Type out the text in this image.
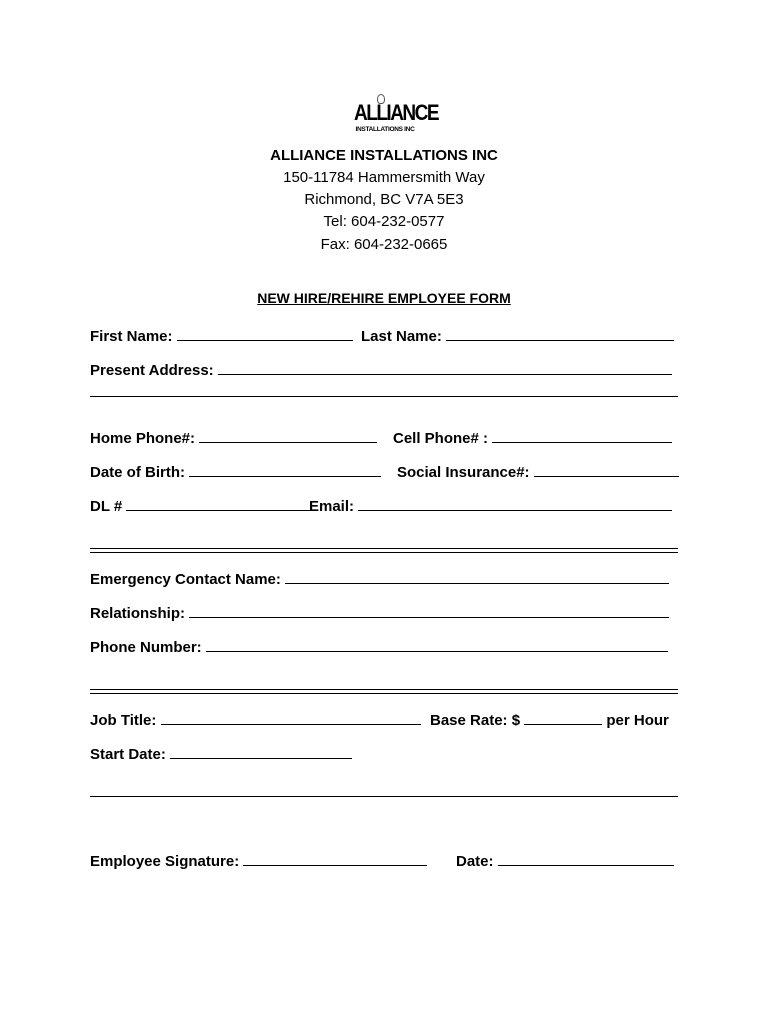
ALLIANCE
INSTALLATIONS INC
ALLIANCE INSTALLATIONS INC
150-11784 Hammersmith Way
Richmond, BC V7A 5E3
Tel: 604-232-0577
Fax: 604-232-0665
NEW HIRE/REHIRE EMPLOYEE FORM
First Name:	Last Name:
Present Address:
Home Phone#:	Cell Phone# :
Date of Birth:	Social Insurance#:
DL #	Email:
Emergency Contact Name:
Relationship:
Phone Number:
Job Title:	Base Rate: $	per Hour
Start Date:
Employee Signature:	Date:
